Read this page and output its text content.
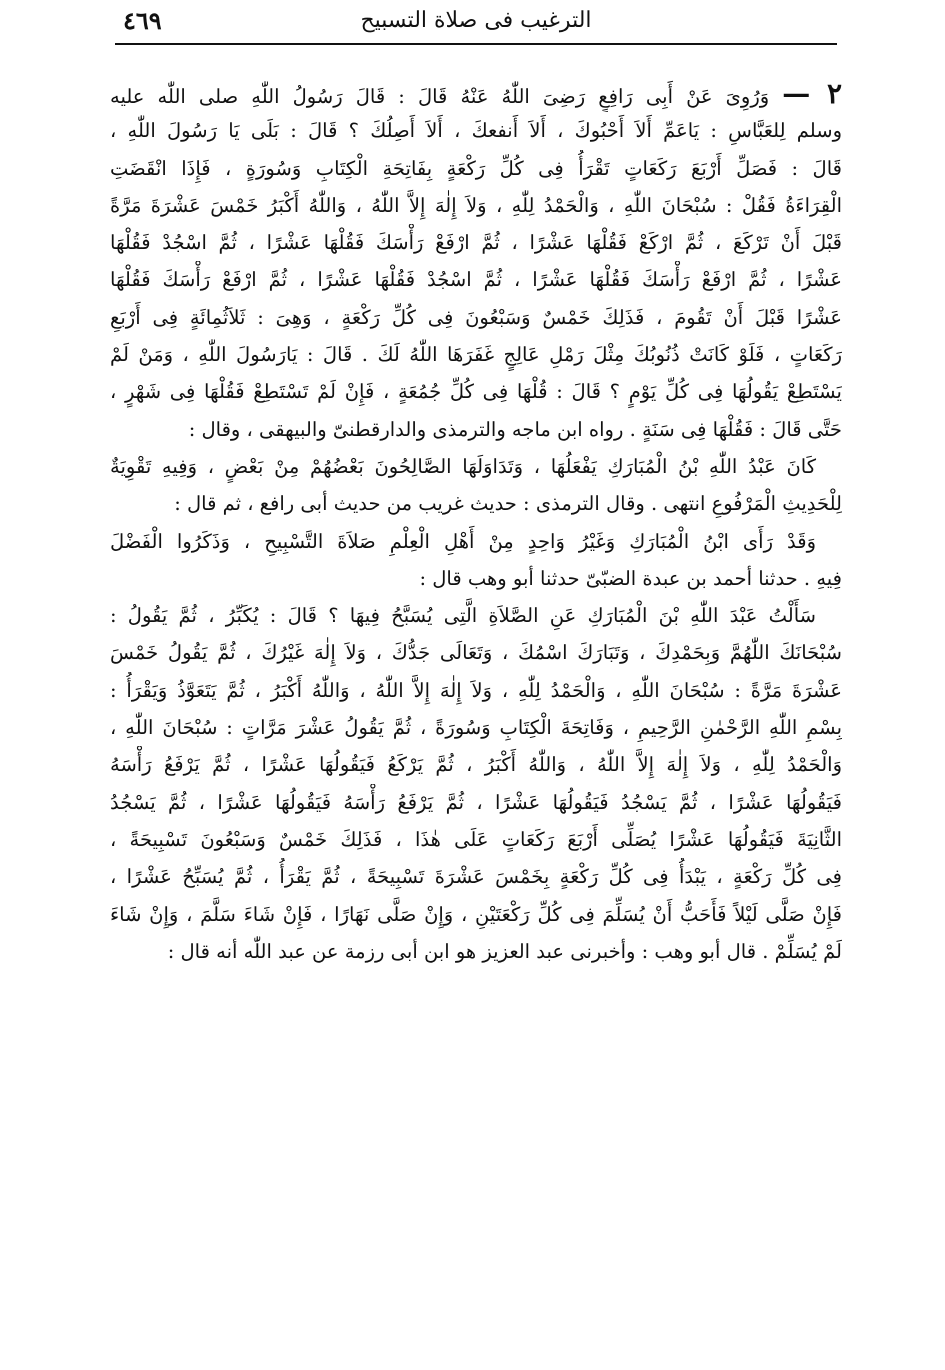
٤٦٩	الترغيب فى صلاة التسبيح
٢ — وَرُوِىَ عَنْ أَبِى رَافِعٍ رَضِىَ اللّٰهُ عَنْهُ قَالَ : قَالَ رَسُولُ اللّٰهِ صلى اللّٰه عليه
وسلم لِلعَبَّاسِ : يَاعَمِّ أَلاَ أَحْبُوكَ ، أَلاَ أَنفعكَ ، أَلاَ أَصِلُكَ ؟ قَالَ : بَلَى يَا رَسُولَ اللّٰهِ ،
قَالَ : فَصَلِّ أَرْبَعَ رَكَعَاتٍ تَقْرَأُ فِى كُلِّ رَكْعَةٍ بِفَاتِحَةِ الْكِتَابِ وَسُورَةٍ ، فَإِذَا انْقَضَتِ
الْقِرَاءَةُ فَقُلْ : سُبْحَانَ اللّٰهِ ، وَالْحَمْدُ لِلّٰهِ ، وَلاَ إِلٰهَ إِلاَّ اللّٰهُ ، وَاللّٰهُ أَكْبَرُ خَمْسَ عَشْرَةَ مَرَّةً
قَبْلَ أَنْ تَرْكَعَ ، ثُمَّ ارْكَعْ فَقُلْهَا عَشْرًا ، ثُمَّ ارْفَعْ رَأْسَكَ فَقُلْهَا عَشْرًا ، ثُمَّ اسْجُدْ فَقُلْهَا
عَشْرًا ، ثُمَّ ارْفَعْ رَأْسَكَ فَقُلْهَا عَشْرًا ، ثُمَّ اسْجُدْ فَقُلْهَا عَشْرًا ، ثُمَّ ارْفَعْ رَأْسَكَ فَقُلْهَا
عَشْرًا قَبْلَ أَنْ تَقُومَ ، فَذَلِكَ خَمْسٌ وَسَبْعُونَ فِى كُلِّ رَكْعَةٍ ، وَهِىَ : ثَلاَثُمِائَةٍ فِى أَرْبَعِ
رَكَعَاتٍ ، فَلَوْ كَانَتْ ذُنُوبُكَ مِثْلَ رَمْلِ عَالِجٍ غَفَرَهَا اللّٰهُ لَكَ . قَالَ : يَارَسُولَ اللّٰهِ ، وَمَنْ لَمْ
يَسْتَطِعْ يَقُولُهَا فِى كُلِّ يَوْمٍ ؟ قَالَ : قُلْهَا فِى كُلِّ جُمُعَةٍ ، فَإِنْ لَمْ تَسْتَطِعْ فَقُلْهَا فِى شَهْرٍ ،
حَتَّى قَالَ : فَقُلْهَا فِى سَنَةٍ . رواه ابن ماجه والترمذى والدارقطنىّ والبيهقى ، وقال :
كَانَ عَبْدُ اللّٰهِ بْنُ الْمُبَارَكِ يَفْعَلُهَا ، وَتَدَاوَلَهَا الصَّالِحُونَ بَعْضُهُمْ مِنْ بَعْضٍ ، وَفِيهِ تَقْوِيَةٌ
لِلْحَدِيثِ الْمَرْفُوعِ انتهى . وقال الترمذى : حديث غريب من حديث أبى رافع ، ثم قال :
وَقَدْ رَأَى ابْنُ الْمُبَارَكِ وَغَيْرُ وَاحِدٍ مِنْ أَهْلِ الْعِلْمِ صَلاَةَ التَّسْبِيحِ ، وَذَكَرُوا الْفَضْلَ
فِيهِ . حدثنا أحمد بن عبدة الضبّىّ حدثنا أبو وهب قال :
سَأَلْتُ عَبْدَ اللّٰهِ بْنَ الْمُبَارَكِ عَنِ الصَّلاَةِ الَّتِى يُسَبَّحُ فِيهَا ؟ قَالَ : يُكَبِّرُ ، ثُمَّ يَقُولُ :
سُبْحَانَكَ اللّٰهُمَّ وَبِحَمْدِكَ ، وَتَبَارَكَ اسْمُكَ ، وَتَعَالَى جَدُّكَ ، وَلاَ إِلٰهَ غَيْرُكَ ، ثُمَّ يَقُولُ خَمْسَ
عَشْرَةَ مَرَّةً : سُبْحَانَ اللّٰهِ ، وَالْحَمْدُ لِلّٰهِ ، وَلاَ إِلٰهَ إِلاَّ اللّٰهُ ، وَاللّٰهُ أَكْبَرُ ، ثُمَّ يَتَعَوَّذُ وَيَقْرَأُ :
بِسْمِ اللّٰهِ الرَّحْمٰنِ الرَّحِيمِ ، وَفَاتِحَةَ الْكِتَابِ وَسُورَةً ، ثُمَّ يَقُولُ عَشْرَ مَرَّاتٍ : سُبْحَانَ اللّٰهِ ،
وَالْحَمْدُ لِلّٰهِ ، وَلاَ إِلٰهَ إِلاَّ اللّٰهُ ، وَاللّٰهُ أَكْبَرُ ، ثُمَّ يَرْكَعُ فَيَقُولُهَا عَشْرًا ، ثُمَّ يَرْفَعُ رَأْسَهُ
فَيَقُولُهَا عَشْرًا ، ثُمَّ يَسْجُدُ فَيَقُولُهَا عَشْرًا ، ثُمَّ يَرْفَعُ رَأْسَهُ فَيَقُولُهَا عَشْرًا ، ثُمَّ يَسْجُدُ
الثَّانِيَةَ فَيَقُولُهَا عَشْرًا يُصَلِّى أَرْبَعَ رَكَعَاتٍ عَلَى هٰذَا ، فَذَلِكَ خَمْسٌ وَسَبْعُونَ تَسْبِيحَةً ،
فِى كُلِّ رَكْعَةٍ ، يَبْدَأُ فِى كُلِّ رَكْعَةٍ بِخَمْسَ عَشْرَةَ تَسْبِيحَةً ، ثُمَّ يَقْرَأُ ، ثُمَّ يُسَبِّحُ عَشْرًا ،
فَإِنْ صَلَّى لَيْلاً فَأَحَبُّ أَنْ يُسَلِّمَ فِى كُلِّ رَكْعَتَيْنِ ، وَإِنْ صَلَّى نَهَارًا ، فَإِنْ شَاءَ سَلَّمَ ، وَإِنْ شَاءَ
لَمْ يُسَلِّمْ . قال أبو وهب : وأخبرنى عبد العزيز هو ابن أبى رزمة عن عبد اللّٰه أنه قال :
